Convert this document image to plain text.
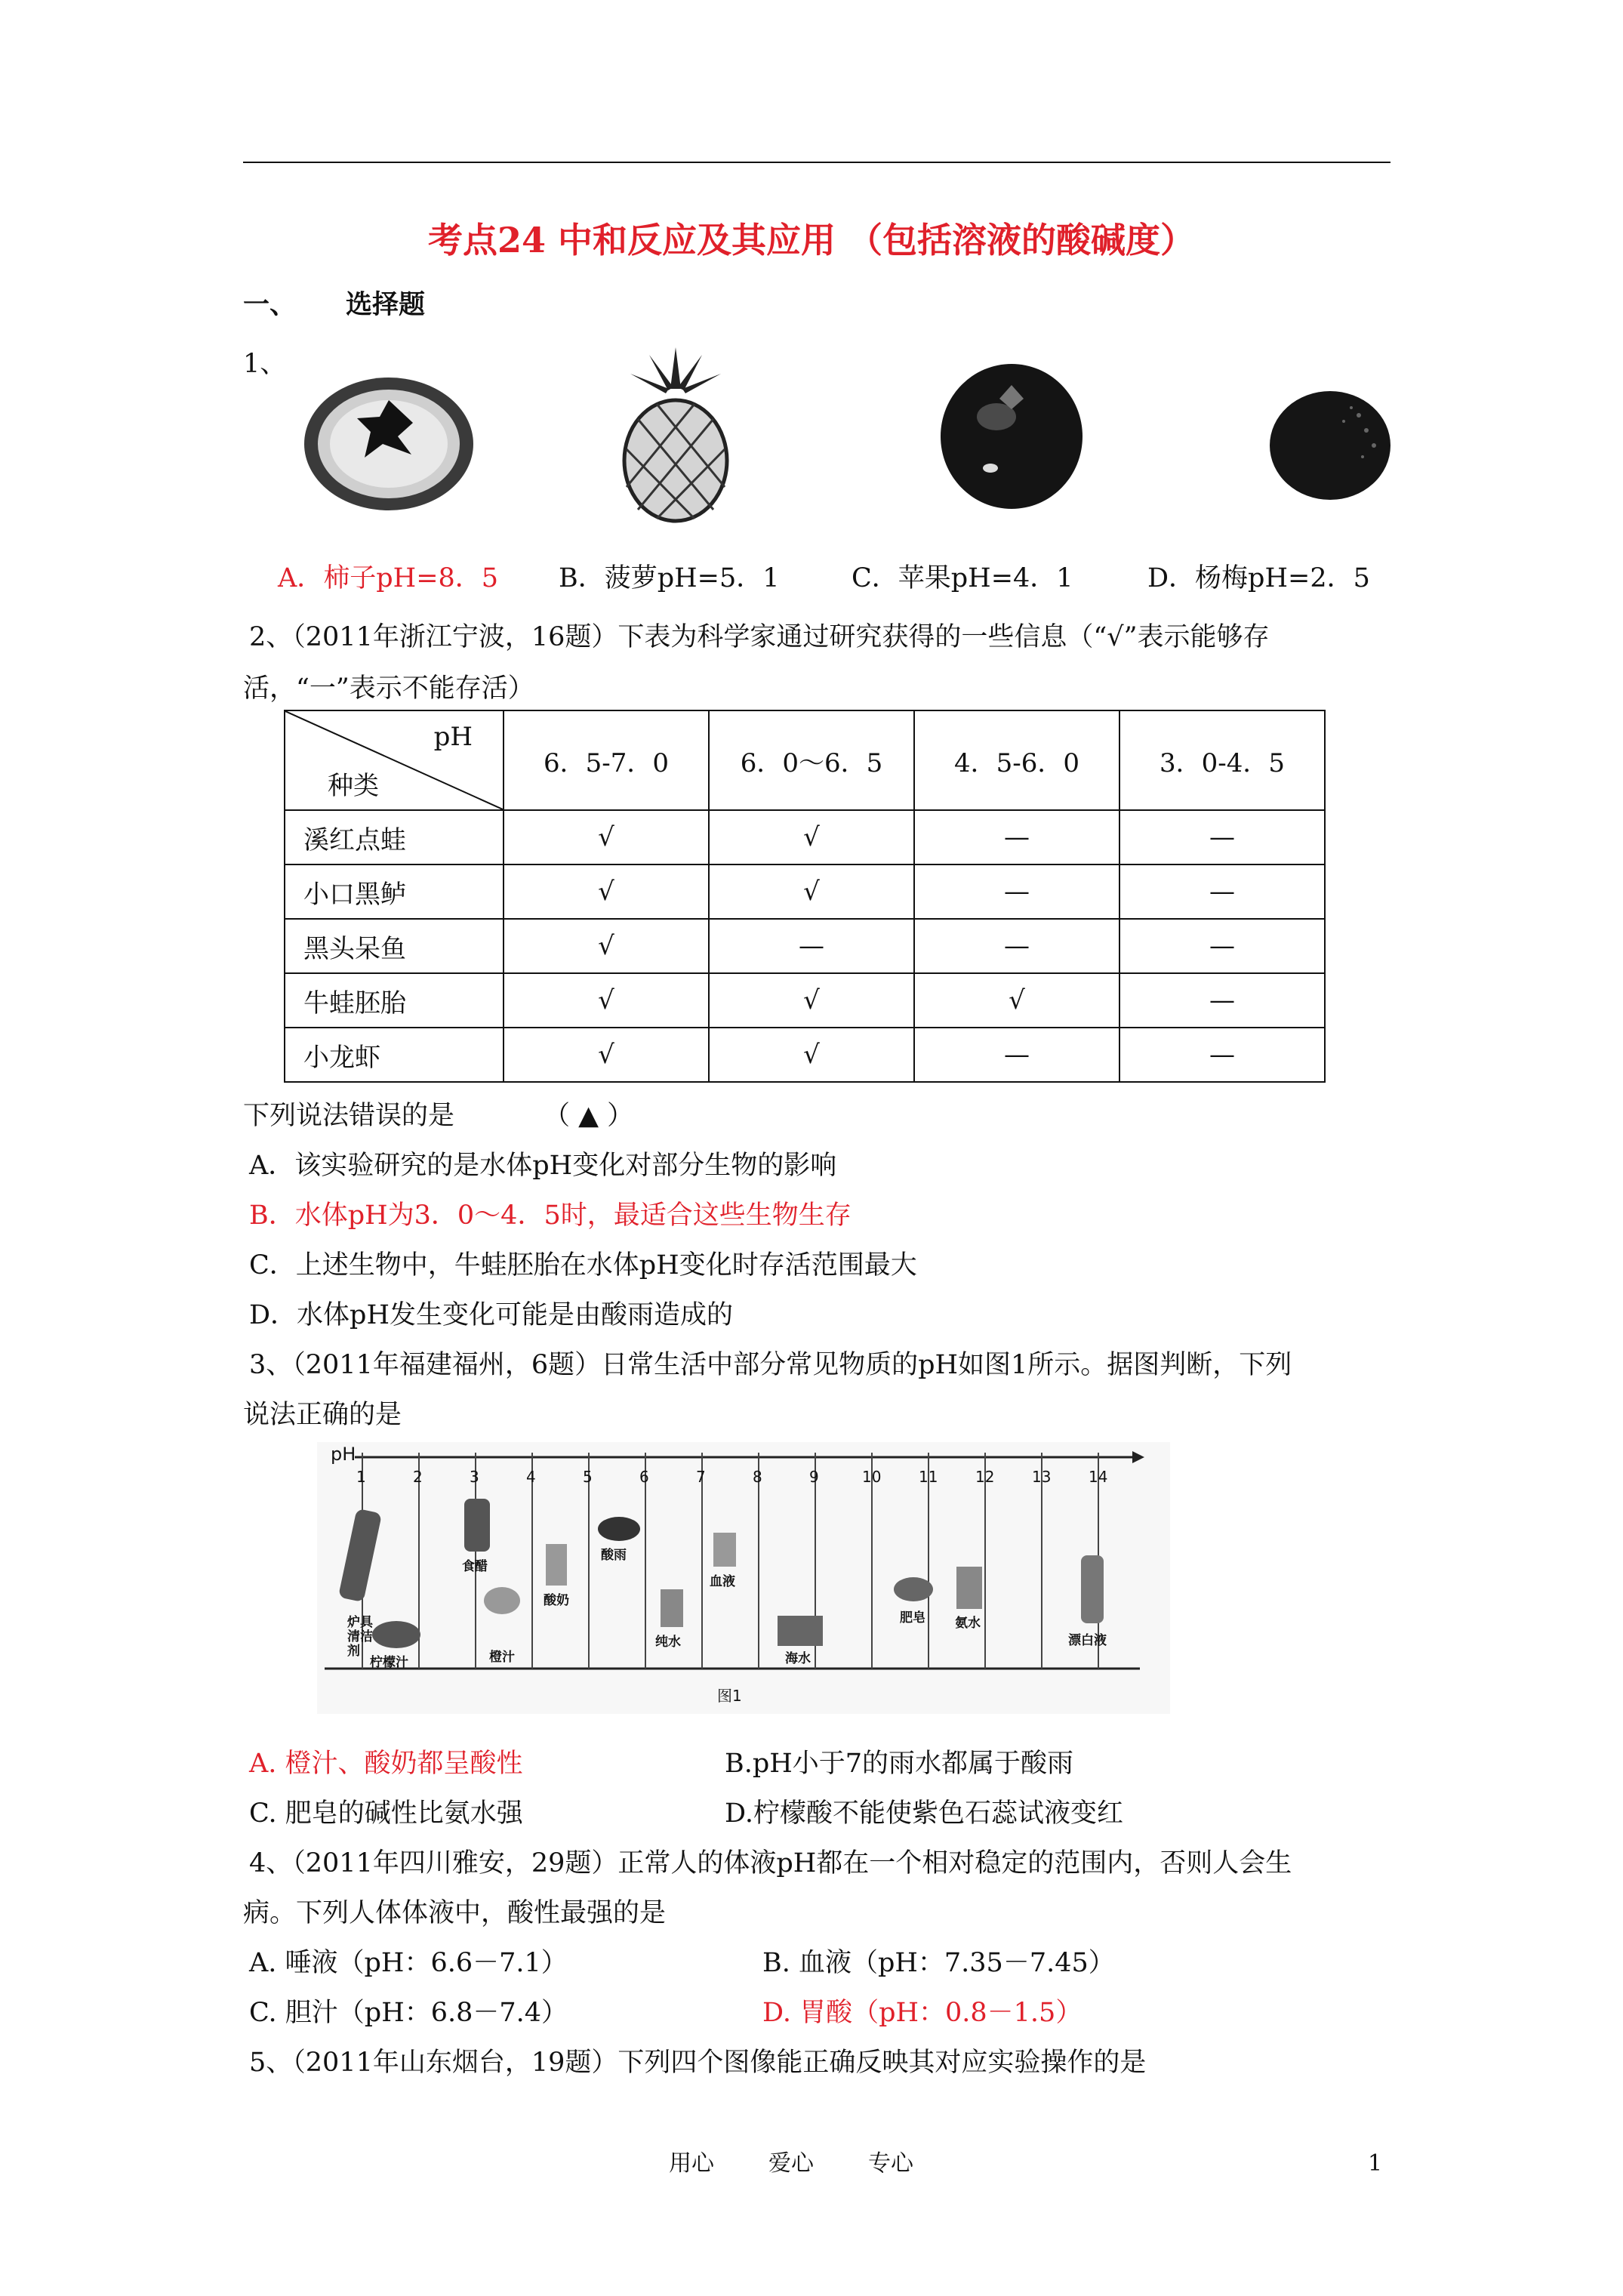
考点24 中和反应及其应用 （包括溶液的酸碱度）
一、 选择题
1、
A．柿子pH=8．5 B．菠萝pH=5．1	C．苹果pH=4．1	D．杨梅pH=2．5
2、（2011年浙江宁波，16题）下表为科学家通过研究获得的一些信息（“√”表示能够存
活，“一”表示不能存活）
pH
种类	6．5-7．0	6．0～6．5	4．5-6．0	3．0-4．5
溪红点蛙	√	√	—	—
小口黑鲈	√	√	—	—
黑头呆鱼	√	—	—	—
牛蛙胚胎	√	√	√	—
小龙虾	√	√	—	—
下列说法错误的是	（ ▲ ）
A．该实验研究的是水体pH变化对部分生物的影响
B．水体pH为3．0～4．5时，最适合这些生物生存
C．上述生物中，牛蛙胚胎在水体pH变化时存活范围最大
D．水体pH发生变化可能是由酸雨造成的
3、（2011年福建福州，6题）日常生活中部分常见物质的pH如图1所示。据图判断，下列
说法正确的是
pH
1	2	3	4	5	6	7	8	9	10 11 12 13 14
炉具清洁剂
柠檬汁
食醋
橙汁
酸奶
酸雨
纯水
血液
海水
肥皂 氨水
漂白液
图1
A. 橙汁、酸奶都呈酸性	B.pH小于7的雨水都属于酸雨
C. 肥皂的碱性比氨水强	D.柠檬酸不能使紫色石蕊试液变红
4、（2011年四川雅安，29题）正常人的体液pH都在一个相对稳定的范围内，否则人会生
病。下列人体体液中，酸性最强的是
A. 唾液（pH：6.6－7.1）	B. 血液（pH：7.35－7.45）
C. 胆汁（pH：6.8－7.4）	D. 胃酸（pH：0.8－1.5）
5、（2011年山东烟台，19题）下列四个图像能正确反映其对应实验操作的是
用心 爱心 专心	1
